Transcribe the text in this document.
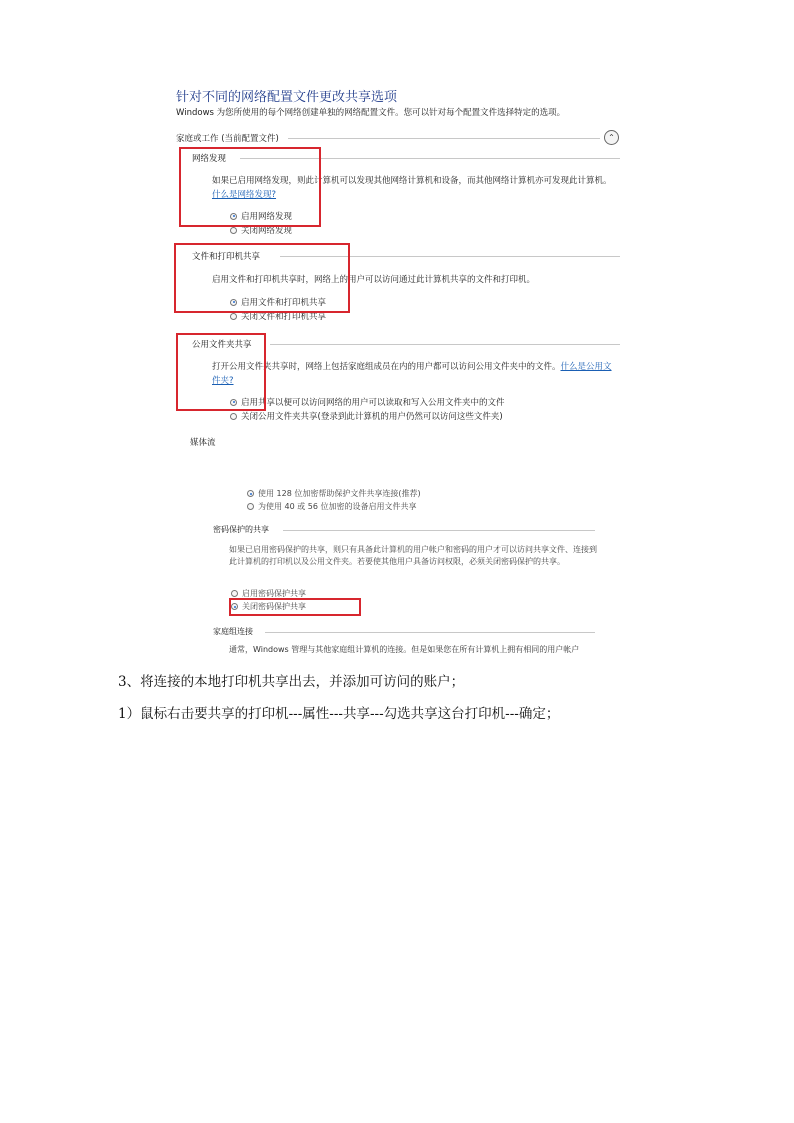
针对不同的网络配置文件更改共享选项
Windows 为您所使用的每个网络创建单独的网络配置文件。您可以针对每个配置文件选择特定的选项。
家庭或工作 (当前配置文件)	⌃
网络发现
如果已启用网络发现，则此计算机可以发现其他网络计算机和设备，而其他网络计算机亦可发现此计算机。什么是网络发现?
启用网络发现
关闭网络发现
文件和打印机共享
启用文件和打印机共享时，网络上的用户可以访问通过此计算机共享的文件和打印机。
启用文件和打印机共享
关闭文件和打印机共享
公用文件夹共享
打开公用文件夹共享时，网络上包括家庭组成员在内的用户都可以访问公用文件夹中的文件。什么是公用文件夹?
启用共享以便可以访问网络的用户可以读取和写入公用文件夹中的文件
关闭公用文件夹共享(登录到此计算机的用户仍然可以访问这些文件夹)
媒体流
使用 128 位加密帮助保护文件共享连接(推荐)
为使用 40 或 56 位加密的设备启用文件共享
密码保护的共享
如果已启用密码保护的共享，则只有具备此计算机的用户帐户和密码的用户才可以访问共享文件、连接到此计算机的打印机以及公用文件夹。若要使其他用户具备访问权限，必须关闭密码保护的共享。
启用密码保护共享
关闭密码保护共享
家庭组连接
通常，Windows 管理与其他家庭组计算机的连接。但是如果您在所有计算机上拥有相同的用户帐户
3、将连接的本地打印机共享出去，并添加可访问的账户；
1）鼠标右击要共享的打印机---属性---共享---勾选共享这台打印机---确定；
